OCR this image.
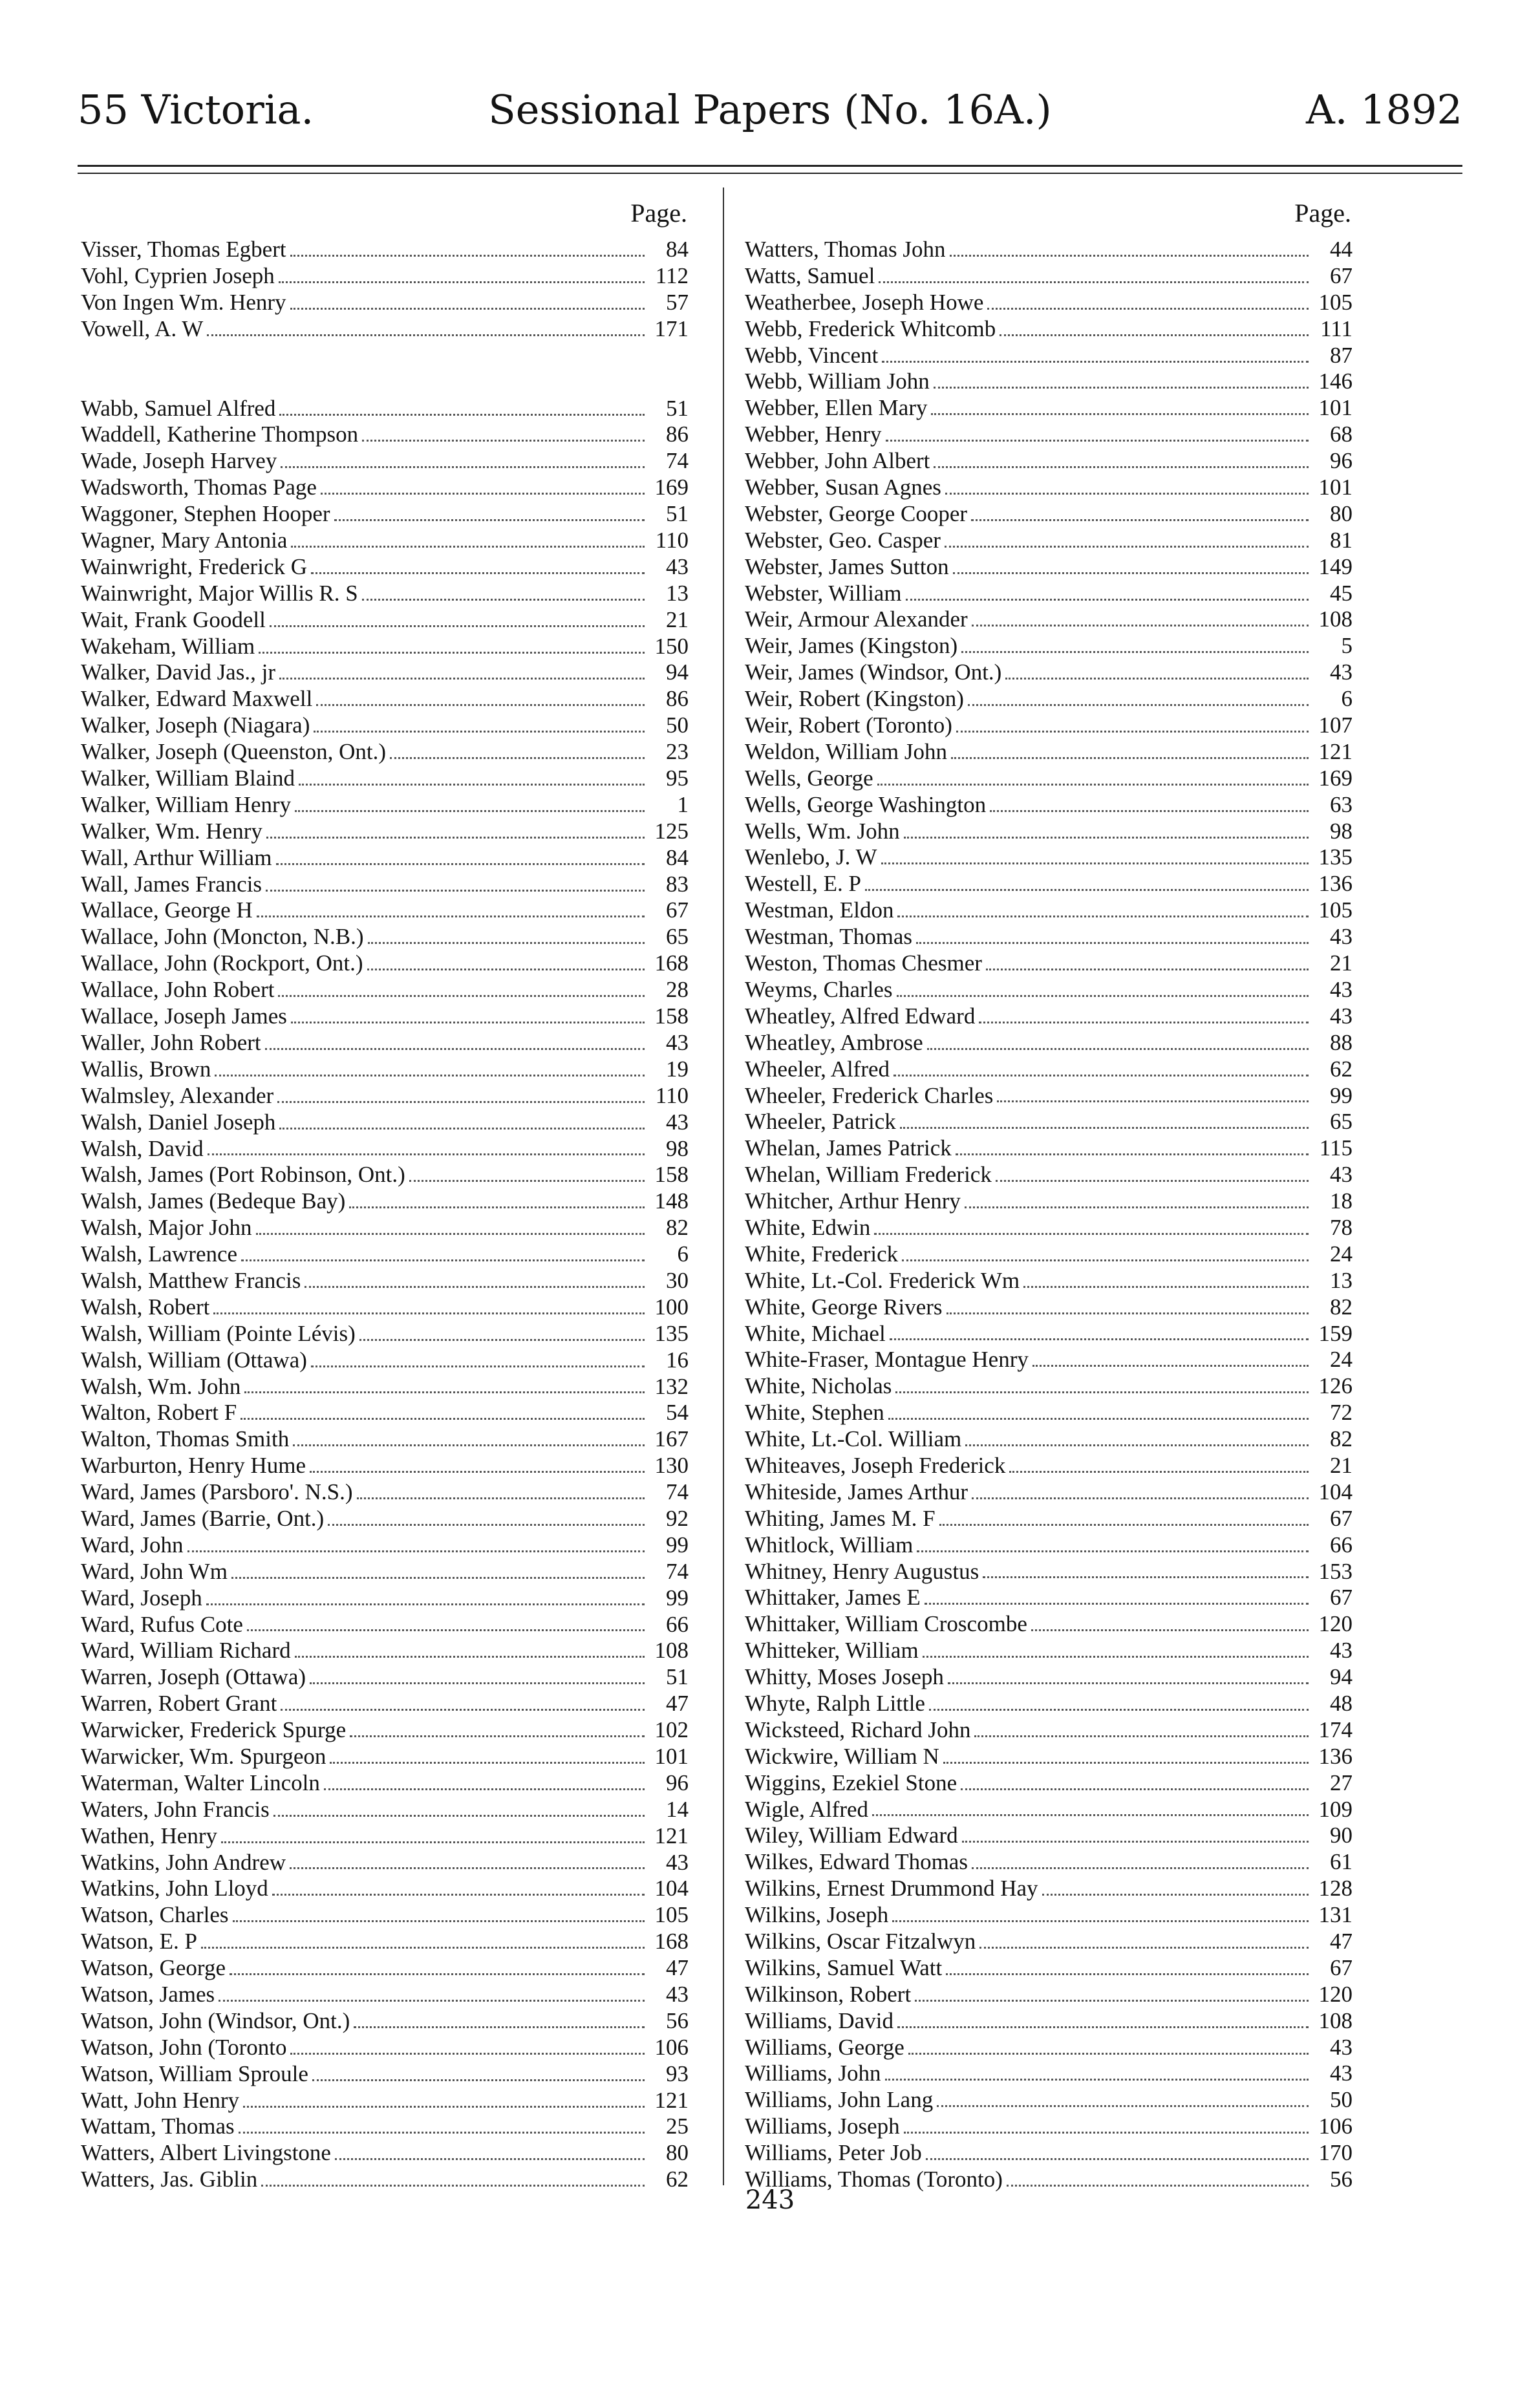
55 Victoria.	Sessional Papers (No. 16A.)	A. 1892
Page.
Visser, Thomas Egbert	84
Vohl, Cyprien Joseph	112
Von Ingen Wm. Henry	57
Vowell, A. W	171
Wabb, Samuel Alfred	51
Waddell, Katherine Thompson	86
Wade, Joseph Harvey	74
Wadsworth, Thomas Page	169
Waggoner, Stephen Hooper	51
Wagner, Mary Antonia	110
Wainwright, Frederick G	43
Wainwright, Major Willis R. S	13
Wait, Frank Goodell	21
Wakeham, William	150
Walker, David Jas., jr	94
Walker, Edward Maxwell	86
Walker, Joseph (Niagara)	50
Walker, Joseph (Queenston, Ont.)	23
Walker, William Blaind	95
Walker, William Henry	1
Walker, Wm. Henry	125
Wall, Arthur William	84
Wall, James Francis	83
Wallace, George H	67
Wallace, John (Moncton, N.B.)	65
Wallace, John (Rockport, Ont.)	168
Wallace, John Robert	28
Wallace, Joseph James	158
Waller, John Robert	43
Wallis, Brown	19
Walmsley, Alexander	110
Walsh, Daniel Joseph	43
Walsh, David	98
Walsh, James (Port Robinson, Ont.)	158
Walsh, James (Bedeque Bay)	148
Walsh, Major John	82
Walsh, Lawrence	6
Walsh, Matthew Francis	30
Walsh, Robert	100
Walsh, William (Pointe Lévis)	135
Walsh, William (Ottawa)	16
Walsh, Wm. John	132
Walton, Robert F	54
Walton, Thomas Smith	167
Warburton, Henry Hume	130
Ward, James (Parsboro'. N.S.)	74
Ward, James (Barrie, Ont.)	92
Ward, John	99
Ward, John Wm	74
Ward, Joseph	99
Ward, Rufus Cote	66
Ward, William Richard	108
Warren, Joseph (Ottawa)	51
Warren, Robert Grant	47
Warwicker, Frederick Spurge	102
Warwicker, Wm. Spurgeon	101
Waterman, Walter Lincoln	96
Waters, John Francis	14
Wathen, Henry	121
Watkins, John Andrew	43
Watkins, John Lloyd	104
Watson, Charles	105
Watson, E. P	168
Watson, George	47
Watson, James	43
Watson, John (Windsor, Ont.)	56
Watson, John (Toronto	106
Watson, William Sproule	93
Watt, John Henry	121
Wattam, Thomas	25
Watters, Albert Livingstone	80
Watters, Jas. Giblin	62
Page.
Watters, Thomas John	44
Watts, Samuel	67
Weatherbee, Joseph Howe	105
Webb, Frederick Whitcomb	111
Webb, Vincent	87
Webb, William John	146
Webber, Ellen Mary	101
Webber, Henry	68
Webber, John Albert	96
Webber, Susan Agnes	101
Webster, George Cooper	80
Webster, Geo. Casper	81
Webster, James Sutton	149
Webster, William	45
Weir, Armour Alexander	108
Weir, James (Kingston)	5
Weir, James (Windsor, Ont.)	43
Weir, Robert (Kingston)	6
Weir, Robert (Toronto)	107
Weldon, William John	121
Wells, George	169
Wells, George Washington	63
Wells, Wm. John	98
Wenlebo, J. W	135
Westell, E. P	136
Westman, Eldon	105
Westman, Thomas	43
Weston, Thomas Chesmer	21
Weyms, Charles	43
Wheatley, Alfred Edward	43
Wheatley, Ambrose	88
Wheeler, Alfred	62
Wheeler, Frederick Charles	99
Wheeler, Patrick	65
Whelan, James Patrick	115
Whelan, William Frederick	43
Whitcher, Arthur Henry	18
White, Edwin	78
White, Frederick	24
White, Lt.-Col. Frederick Wm	13
White, George Rivers	82
White, Michael	159
White-Fraser, Montague Henry	24
White, Nicholas	126
White, Stephen	72
White, Lt.-Col. William	82
Whiteaves, Joseph Frederick	21
Whiteside, James Arthur	104
Whiting, James M. F	67
Whitlock, William	66
Whitney, Henry Augustus	153
Whittaker, James E	67
Whittaker, William Croscombe	120
Whitteker, William	43
Whitty, Moses Joseph	94
Whyte, Ralph Little	48
Wicksteed, Richard John	174
Wickwire, William N	136
Wiggins, Ezekiel Stone	27
Wigle, Alfred	109
Wiley, William Edward	90
Wilkes, Edward Thomas	61
Wilkins, Ernest Drummond Hay	128
Wilkins, Joseph	131
Wilkins, Oscar Fitzalwyn	47
Wilkins, Samuel Watt	67
Wilkinson, Robert	120
Williams, David	108
Williams, George	43
Williams, John	43
Williams, John Lang	50
Williams, Joseph	106
Williams, Peter Job	170
Williams, Thomas (Toronto)	56
243
